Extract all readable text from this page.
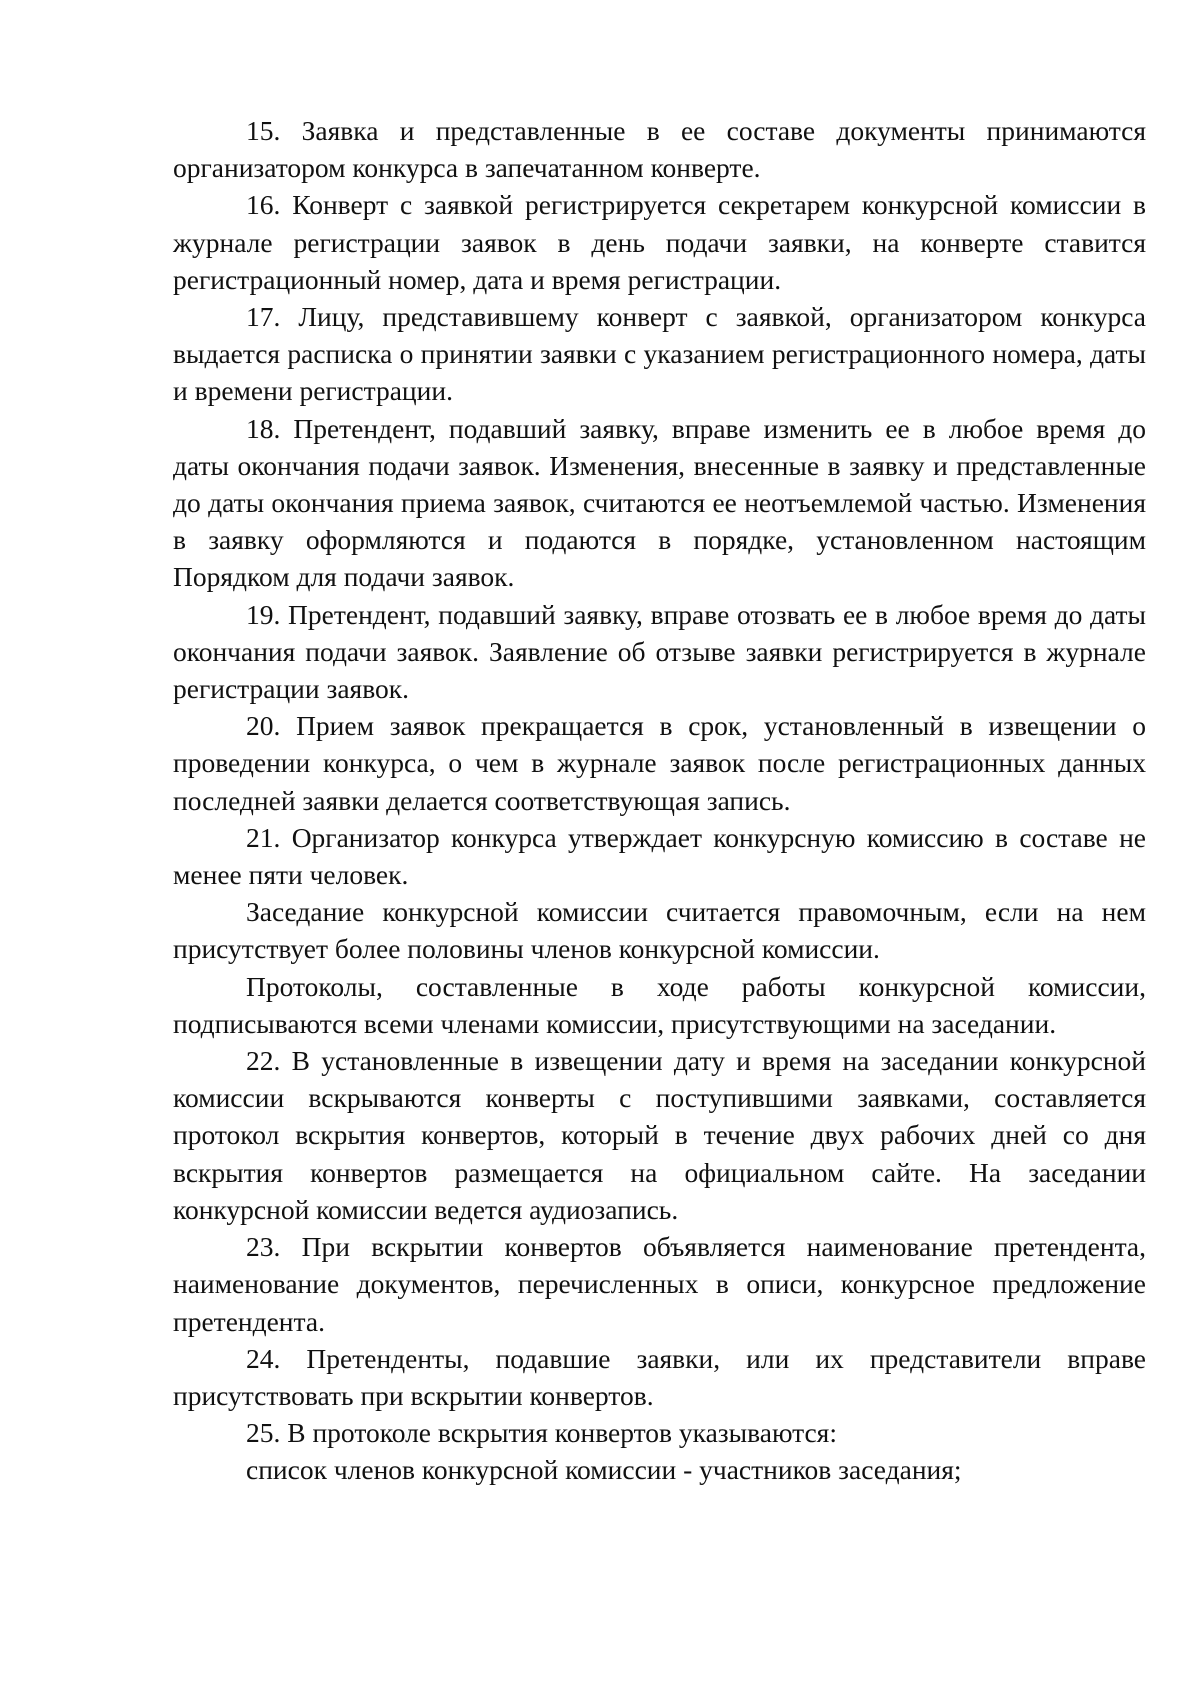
15. Заявка и представленные в ее составе документы принимаются организатором конкурса в запечатанном конверте.

16. Конверт с заявкой регистрируется секретарем конкурсной комиссии в журнале регистрации заявок в день подачи заявки, на конверте ставится регистрационный номер, дата и время регистрации.

17. Лицу, представившему конверт с заявкой, организатором конкурса выдается расписка о принятии заявки с указанием регистрационного номера, даты и времени регистрации.

18. Претендент, подавший заявку, вправе изменить ее в любое время до даты окончания подачи заявок. Изменения, внесенные в заявку и представленные до даты окончания приема заявок, считаются ее неотъемлемой частью. Изменения в заявку оформляются и подаются в порядке, установленном настоящим Порядком для подачи заявок.

19. Претендент, подавший заявку, вправе отозвать ее в любое время до даты окончания подачи заявок. Заявление об отзыве заявки регистрируется в журнале регистрации заявок.

20. Прием заявок прекращается в срок, установленный в извещении о проведении конкурса, о чем в журнале заявок после регистрационных данных последней заявки делается соответствующая запись.

21. Организатор конкурса утверждает конкурсную комиссию в составе не менее пяти человек.

Заседание конкурсной комиссии считается правомочным, если на нем присутствует более половины членов конкурсной комиссии.

Протоколы, составленные в ходе работы конкурсной комиссии, подписываются всеми членами комиссии, присутствующими на заседании.

22. В установленные в извещении дату и время на заседании конкурсной комиссии вскрываются конверты с поступившими заявками, составляется протокол вскрытия конвертов, который в течение двух рабочих дней со дня вскрытия конвертов размещается на официальном сайте. На заседании конкурсной комиссии ведется аудиозапись.

23. При вскрытии конвертов объявляется наименование претендента, наименование документов, перечисленных в описи, конкурсное предложение претендента.

24. Претенденты, подавшие заявки, или их представители вправе присутствовать при вскрытии конвертов.

25. В протоколе вскрытия конвертов указываются:

список членов конкурсной комиссии - участников заседания;
